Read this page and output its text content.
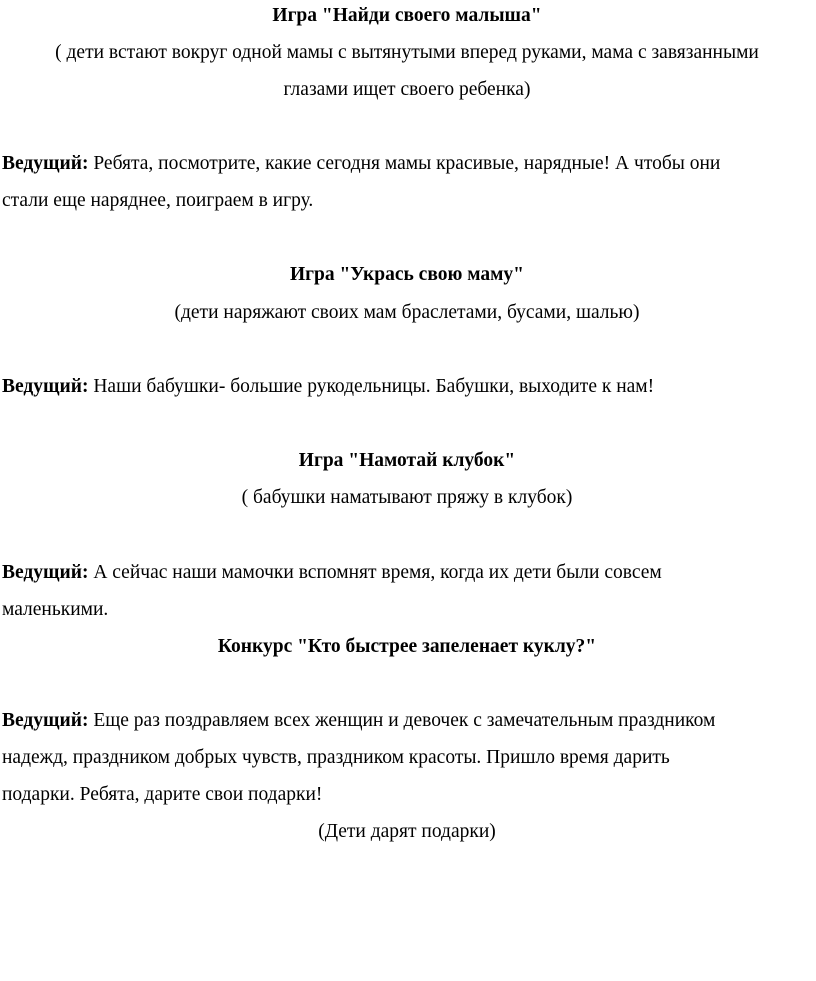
Игра "Найди своего малыша"
( дети встают вокруг одной мамы с вытянутыми вперед руками, мама с завязанными
глазами ищет своего ребенка)
Ведущий: Ребята, посмотрите, какие сегодня мамы красивые, нарядные! А чтобы они
стали еще наряднее, поиграем в игру.
Игра "Укрась свою маму"
(дети наряжают своих мам браслетами, бусами, шалью)
Ведущий: Наши бабушки- большие рукодельницы. Бабушки, выходите к нам!
Игра "Намотай клубок"
( бабушки наматывают пряжу в клубок)
Ведущий: А сейчас наши мамочки вспомнят время, когда их дети были совсем
маленькими.
Конкурс "Кто быстрее запеленает куклу?"
Ведущий: Еще раз поздравляем всех женщин и девочек с замечательным праздником
надежд, праздником добрых чувств, праздником красоты. Пришло время дарить
подарки. Ребята, дарите свои подарки!
(Дети дарят подарки)
